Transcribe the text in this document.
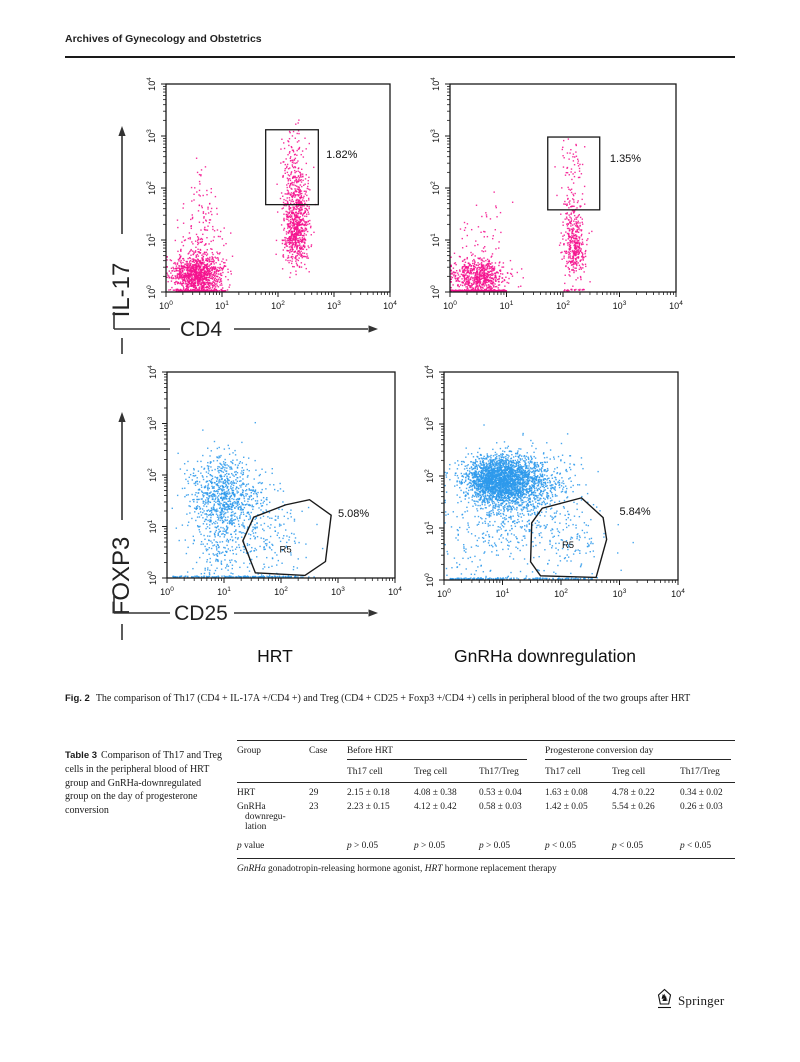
Archives of Gynecology and Obstetrics
$10^0$
$10^0$
$10^1$
$10^1$
$10^2$
$10^2$
$10^3$
$10^3$
$10^4$
$10^4$
1.82%
$10^0$
$10^0$
$10^1$
$10^1$
$10^2$
$10^2$
$10^3$
$10^3$
$10^4$
$10^4$
1.35%
$10^0$
$10^0$
$10^1$
$10^1$
$10^2$
$10^2$
$10^3$
$10^3$
$10^4$
$10^4$
5.08%
R5
$10^0$
$10^0$
$10^1$
$10^1$
$10^2$
$10^2$
$10^3$
$10^3$
$10^4$
$10^4$
5.84%
R5
IL-17
CD4
FOXP3 CD25
HRT	GnRHa downregulation
Fig. 2 The comparison of Th17 (CD4 + IL-17A +/CD4 +) and Treg (CD4 + CD25 + Foxp3 +/CD4 +) cells in peripheral blood of the two groups after HRT
Table 3 Comparison of Th17 and Treg cells in the peripheral blood of HRT group and GnRHa-downregulated group on the day of progesterone conversion
Group	Case	Before HRT			Progesterone conversion day		

		Th17 cell	Treg cell	Th17/Treg	Th17 cell	Treg cell	Th17/Treg
HRT	29	2.15 ± 0.18	4.08 ± 0.38	0.53 ± 0.04	1.63 ± 0.08	4.78 ± 0.22	0.34 ± 0.02

GnRHa downregulation	23	2.23 ± 0.15	4.12 ± 0.42	0.58 ± 0.03	1.42 ± 0.05	5.54 ± 0.26	0.26 ± 0.03
p value		p > 0.05	p > 0.05	p > 0.05	p < 0.05	p < 0.05	p < 0.05
GnRHa gonadotropin-releasing hormone agonist, HRT hormone replacement therapy
♞ Springer
